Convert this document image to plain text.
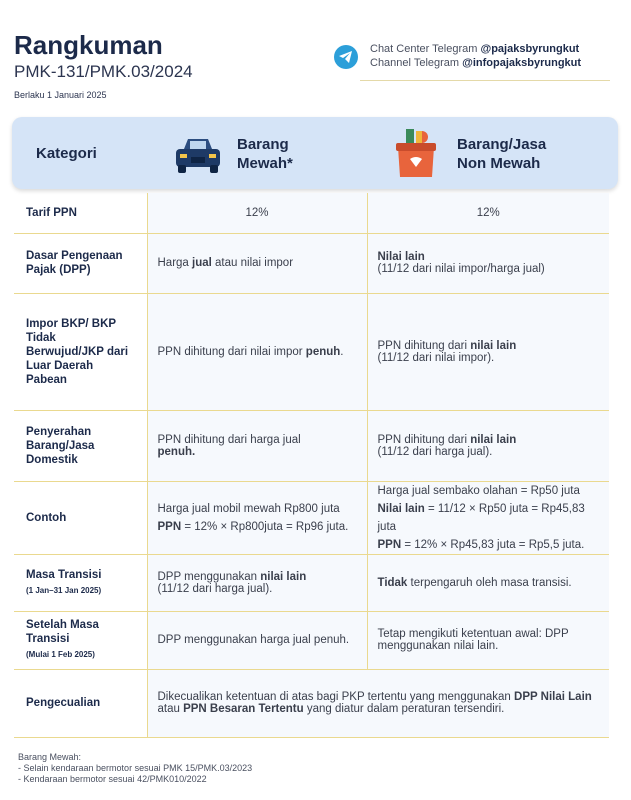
Rangkuman
PMK-131/PMK.03/2024
Berlaku 1 Januari 2025
Chat Center Telegram @pajaksbyrungkut
Channel Telegram @infopajaksbyrungkut
Kategori
Barang
Mewah*
Barang/Jasa
Non Mewah
Tarif PPN	12%	12%
Dasar Pengenaan Pajak (DPP)	Harga jual atau nilai impor	Nilai lain
(11/12 dari nilai impor/harga jual)
Impor BKP/ BKP Tidak Berwujud/JKP dari Luar Daerah Pabean	PPN dihitung dari nilai impor penuh.	PPN dihitung dari nilai lain
(11/12 dari nilai impor).
Penyerahan Barang/Jasa Domestik	PPN dihitung dari harga jual
penuh.	PPN dihitung dari nilai lain
(11/12 dari harga jual).
Contoh	Harga jual mobil mewah Rp800 juta
PPN = 12% × Rp800juta = Rp96 juta.	Harga jual sembako olahan = Rp50 juta
Nilai lain = 11/12 × Rp50 juta = Rp45,83 juta
PPN = 12% × Rp45,83 juta = Rp5,5 juta.
Masa Transisi
(1 Jan–31 Jan 2025)	DPP menggunakan nilai lain
(11/12 dari harga jual).	Tidak terpengaruh oleh masa transisi.
Setelah Masa Transisi
(Mulai 1 Feb 2025)	DPP menggunakan harga jual penuh.	Tetap mengikuti ketentuan awal: DPP menggunakan nilai lain.
Pengecualian	Dikecualikan ketentuan di atas bagi PKP tertentu yang menggunakan DPP Nilai Lain atau PPN Besaran Tertentu yang diatur dalam peraturan tersendiri.	
Barang Mewah:
- Selain kendaraan bermotor sesuai PMK 15/PMK.03/2023
- Kendaraan bermotor sesuai 42/PMK010/2022
